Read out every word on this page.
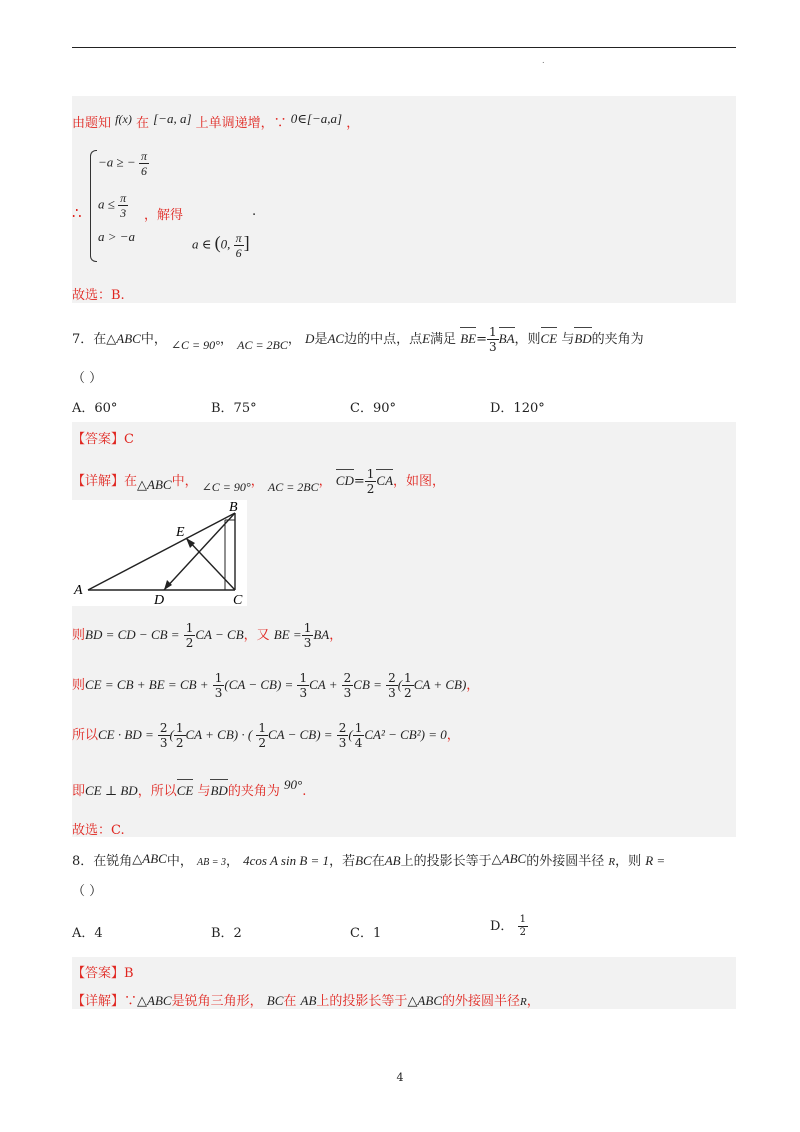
.
由题知 f(x) 在 [−a, a] 上单调递增，∵ 0∈[−a,a] ，
∴
−a ≥ − $\frac{\pi}{6}$
$a \le \frac{\pi}{3}$
a > −a
，解得
a ∈ (0, $\frac{\pi}{6}$ ]
.
故选：B.
7．在△ABC中， ∠C = 90°， AC = 2BC， D是AC边的中点，点E满足 $BE= \frac{1}{3}$ BA，则CE 与BD的夹角为
（ ）
A．60°	B．75°	C．90°	D．120°
【答案】C
【详解】在△ABC中， ∠C = 90°， AC = 2BC， $CD= \frac{1}{2}$ CA，如图，
A
B
C
D
E
则BD = CD − CB = $\frac{1}{2}$ CA − CB，又 BE = $\frac{1}{3}$ BA，
则CE = CB + BE = CB + $\frac{1}{3} (CA - CB) = \frac{1}{3}$ CA + $\frac{2}{3}$ CB = $\frac{2}{3}$ ( $\frac{1}{2}$ CA + CB)，
所以CE · BD = $\frac{2}{3}$ ( $\frac{1}{2}$ CA + CB) · ( $\frac{1}{2}$ CA − $CB) = \frac{2}{3}$ ( $\frac{1}{4} CA^2 - CB^2) = 0$，
即CE ⊥ BD，所以CE 与BD的夹角为 90°.
故选：C.
8．在锐角△ABC中， AB = 3， 4cos A sin B = 1，若BC在AB上的投影长等于△ABC的外接圆半径 R，则 R =
（ ）
A．4	B．2	C．1	D． $\frac{1}{2}$
【答案】B
【详解】∵△ABC是锐角三角形， BC在 AB上的投影长等于△ABC的外接圆半径R，
4
